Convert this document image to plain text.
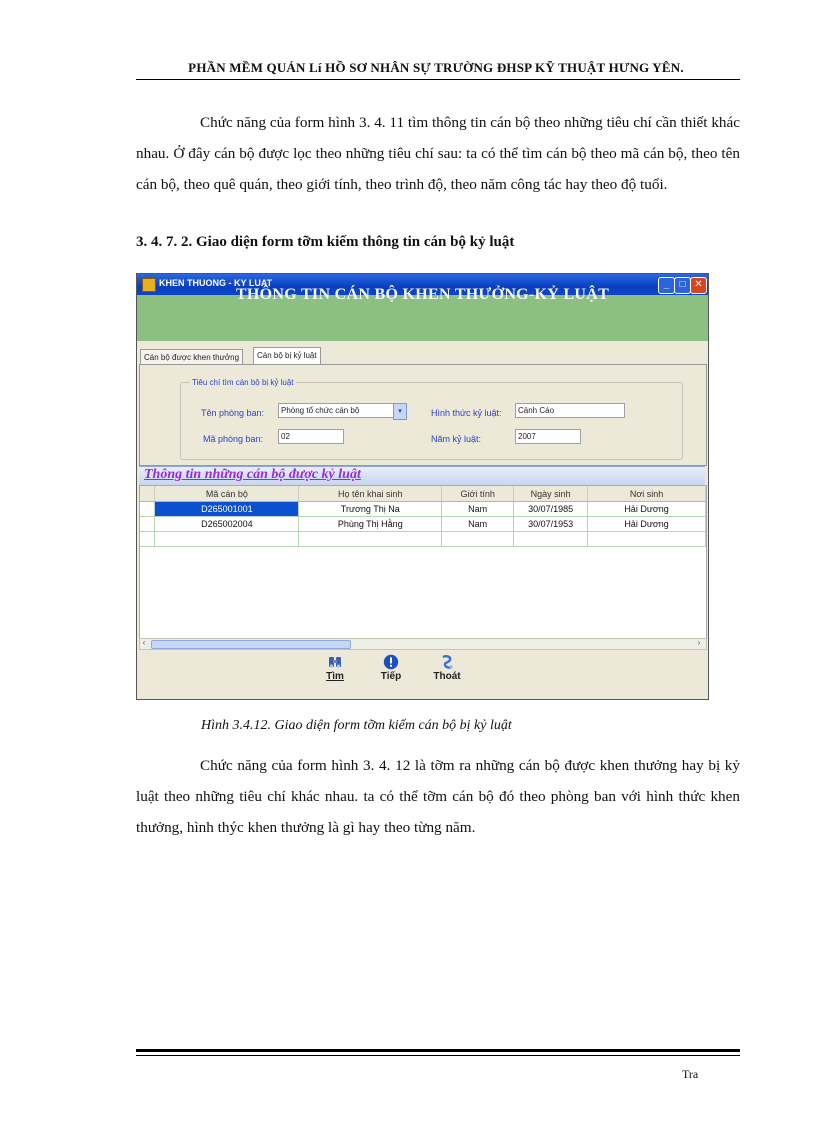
PHẦN MỀM QUẢN Lí HỒ SƠ NHÂN SỰ TRƯỜNG ĐHSP KỸ THUẬT HƯNG YÊN.
Chức năng của form hình 3. 4. 11 tìm thông tin cán bộ theo những tiêu chí cần thiết khác nhau. Ở đây cán bộ được lọc theo những tiêu chí sau: ta có thể tìm cán bộ theo mã cán bộ, theo tên cán bộ, theo quê quán, theo giới tính, theo trình độ, theo năm công tác hay theo độ tuổi.
3. 4. 7. 2. Giao diện form tỡm kiếm thông tin cán bộ kỷ luật
KHEN THUONG - KY LUAT	_	□ ✕
THÔNG TIN CÁN BỘ KHEN THƯỞNG-KỶ LUẬT
Cán bộ được khen thưởng	Cán bộ bị kỷ luật
Tiêu chí tìm cán bộ bị kỷ luật
Tên phòng ban:	Phòng tổ chức cán bộ	▾
Mã phòng ban:	02
Hình thức kỷ luật:	Cảnh Cáo
Năm kỷ luật:	2007
Thông tin những cán bộ được kỷ luật
	Mã cán bộ	Họ tên khai sinh	Giới tính	Ngày sinh	Nơi sinh
	D265001001	Trương Thị Na	Nam	30/07/1985	Hải Dương
	D265002004	Phùng Thị Hằng	Nam	30/07/1953	Hải Dương

‹	›
Tìm	Tiếp	Thoát
Hình 3.4.12. Giao diện form tỡm kiếm cán bộ bị kỷ luật
Chức năng của form hình 3. 4. 12 là tỡm ra những cán bộ được khen thưởng hay bị kỷ luật theo những tiêu chí khác nhau. ta có thể tỡm cán bộ đó theo phòng ban với hình thức khen thưởng, hình thýc khen thưởng là gì hay theo từng năm.
Tra
